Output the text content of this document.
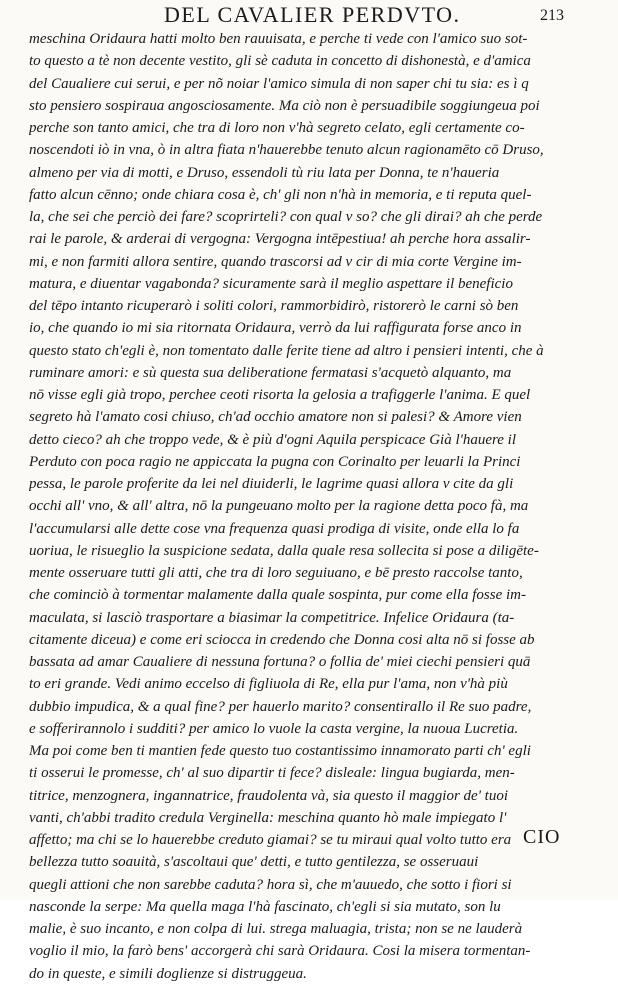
DEL CAVALIER PERDVTO.	213
meschina Oridaura hatti molto ben rauuisata, e perche ti vede con l'amico suo sot-
to questo a tè non decente vestito, gli sè caduta in concetto di dishonestà, e d'amica
del Caualiere cui serui, e per nõ noiar l'amico simula di non saper chi tu sia: es ì q
sto pensiero sospiraua angosciosamente. Ma ciò non è persuadibile soggiungeua poi
perche son tanto amici, che tra di loro non v'hà segreto celato, egli certamente co-
noscendoti iò in vna, ò in altra fiata n'hauerebbe tenuto alcun ragionamēto cō Druso,
almeno per via di motti, e Druso, essendoli tù riu lata per Donna, te n'haueria
fatto alcun cēnno; onde chiara cosa è, ch' gli non n'hà in memoria, e ti reputa quel-
la, che sei che perciò dei fare? scoprirteli? con qual v so? che gli dirai? ah che perde
rai le parole, & arderai di vergogna: Vergogna intēpestiua! ah perche hora assalir-
mi, e non farmiti allora sentire, quando trascorsi ad v cir di mia corte Vergine im-
matura, e diuentar vagabonda? sicuramente sarà il meglio aspettare il beneficio
del tēpo intanto ricuperarò i soliti colori, rammorbidirò, ristorerò le carni sò ben
io, che quando io mi sia ritornata Oridaura, verrò da lui raffigurata forse anco in
questo stato ch'egli è, non tomentato dalle ferite tiene ad altro i pensieri intenti, che à
ruminare amori: e sù questa sua deliberatione fermatasi s'acquetò alquanto, ma
nō visse egli già tropo, perchee ceoti risorta la gelosia a trafiggerle l'anima. E quel
segreto hà l'amato cosi chiuso, ch'ad occhio amatore non si palesi? & Amore vien
detto cieco? ah che troppo vede, & è più d'ogni Aquila perspicace Già l'hauere il
Perduto con poca ragio ne appiccata la pugna con Corinalto per leuarli la Princi
pessa, le parole proferite da lei nel diuiderli, le lagrime quasi allora v cite da gli
occhi all' vno, & all' altra, nō la pungeuano molto per la ragione detta poco fà, ma
l'accumularsi alle dette cose vna frequenza quasi prodiga di visite, onde ella lo fa
uoriua, le risueglio la suspicione sedata, dalla quale resa sollecita si pose a diligēte-
mente osseruare tutti gli atti, che tra di loro seguiuano, e bē presto raccolse tanto,
che cominciò à tormentar malamente dalla quale sospinta, pur come ella fosse im-
maculata, si lasciò trasportare a biasimar la competitrice. Infelice Oridaura (ta-
citamente diceua) e come eri sciocca in credendo che Donna cosi alta nō si fosse ab
bassata ad amar Caualiere di nessuna fortuna? o follia de' miei ciechi pensieri quā
to eri grande. Vedi animo eccelso di figliuola di Re, ella pur l'ama, non v'hà più
dubbio impudica, & a qual fine? per hauerlo marito? consentirallo il Re suo padre,
e sofferirannolo i sudditi? per amico lo vuole la casta vergine, la nuoua Lucretia.
Ma poi come ben ti mantien fede questo tuo costantissimo innamorato parti ch' egli
ti osserui le promesse, ch' al suo dipartir ti fece? disleale: lingua bugiarda, men-
titrice, menzognera, ingannatrice, fraudolenta và, sia questo il maggior de' tuoi
vanti, ch'abbi tradito credula Verginella: meschina quanto hò male impiegato l'
affetto; ma chi se lo hauerebbe creduto giamai? se tu miraui qual volto tutto era
bellezza tutto soauità, s'ascoltaui que' detti, e tutto gentilezza, se osseruaui
quegli attioni che non sarebbe caduta? hora sì, che m'auuedo, che sotto i fiori si
nasconde la serpe: Ma quella maga l'hà fascinato, ch'egli si sia mutato, son lu
malie, è suo incanto, e non colpa di lui. strega maluagia, trista; non se ne lauderà
voglio il mio, la farò bens' accorgerà chi sarà Oridaura. Cosi la misera tormentan-
do in queste, e simili doglienze si distruggeua.
CIO
